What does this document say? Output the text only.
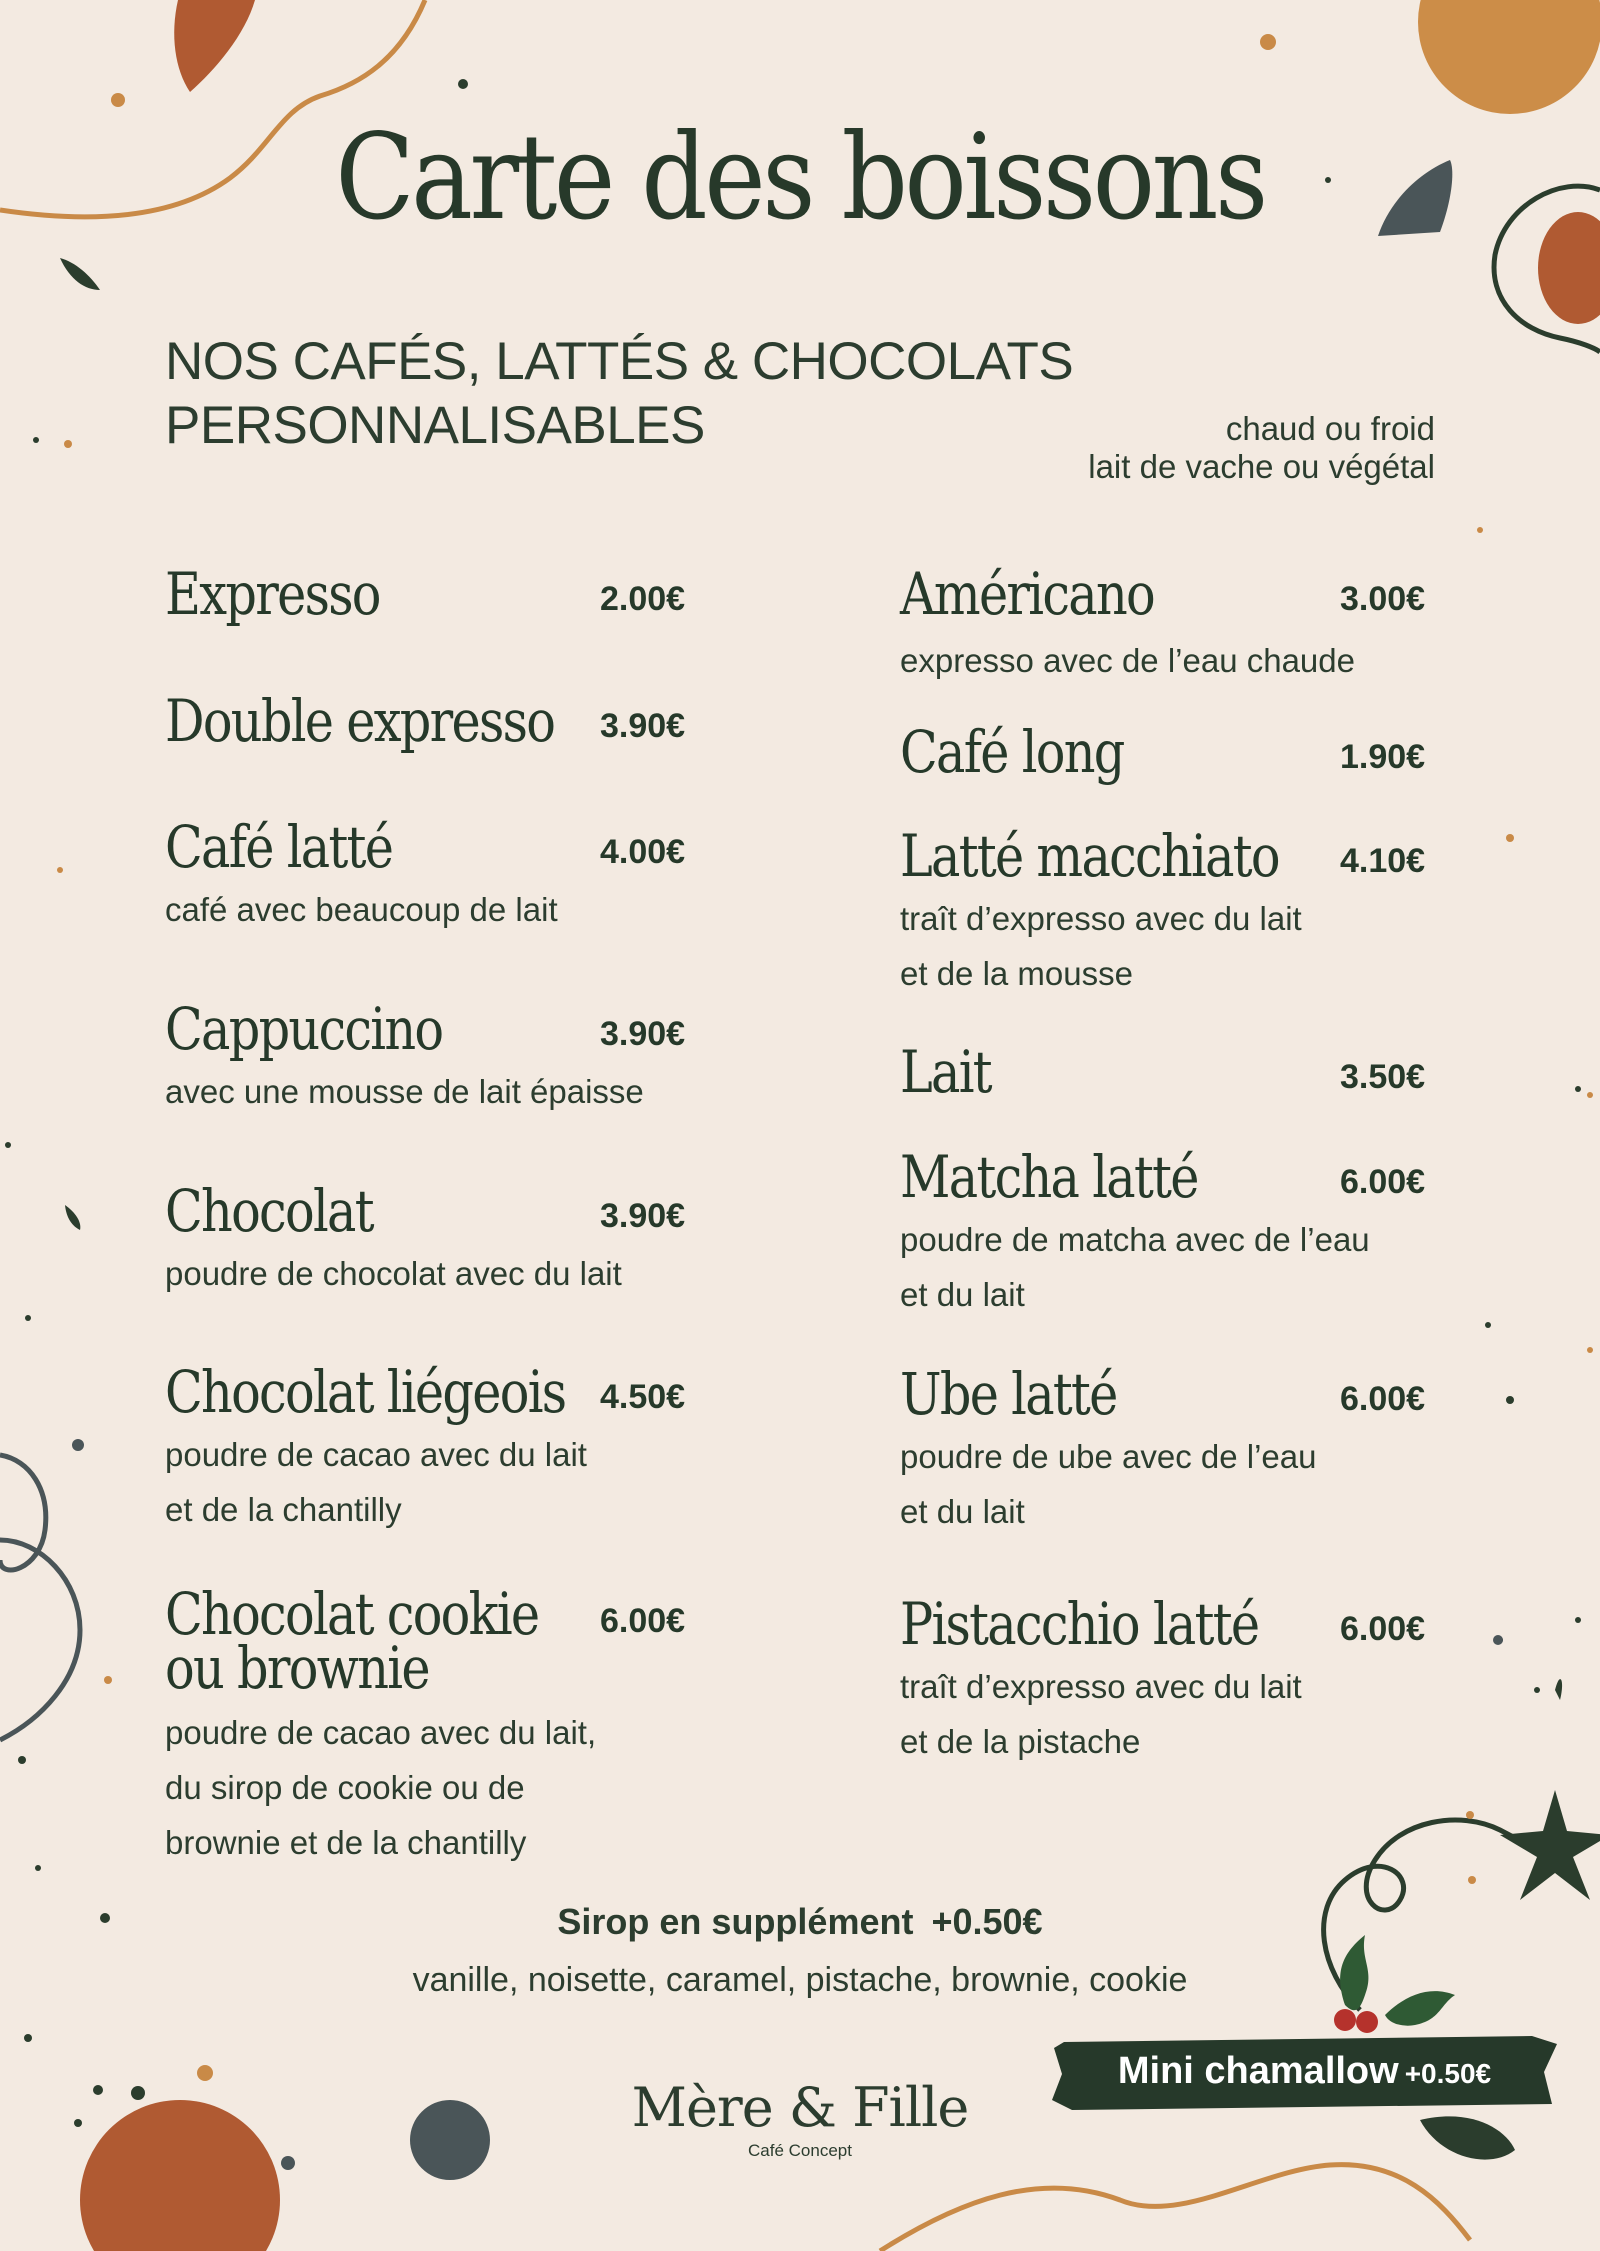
Carte des boissons
NOS CAFÉS, LATTÉS & CHOCOLATS
PERSONNALISABLES	chaud ou froid
lait de vache ou végétal
Expresso	2.00€
Double expresso 3.90€
Café latté	4.00€
café avec beaucoup de lait
Cappuccino	3.90€
avec une mousse de lait épaisse
Chocolat	3.90€
poudre de chocolat avec du lait
Chocolat liégeois 4.50€
poudre de cacao avec du lait
et de la chantilly
Chocolat cookie
ou brownie
6.00€
poudre de cacao avec du lait,
du sirop de cookie ou de
brownie et de la chantilly
Américano	3.00€
expresso avec de l’eau chaude
Café long	1.90€
Latté macchiato 4.10€
traît d’expresso avec du lait
et de la mousse
Lait	3.50€
Matcha latté	6.00€
poudre de matcha avec de l’eau
et du lait
Ube latté	6.00€
poudre de ube avec de l’eau
et du lait
Pistacchio latté 6.00€
traît d’expresso avec du lait
et de la pistache
Sirop en supplément +0.50€
vanille, noisette, caramel, pistache, brownie, cookie
Mini chamallow +0.50€
Mère & Fille
Café Concept
